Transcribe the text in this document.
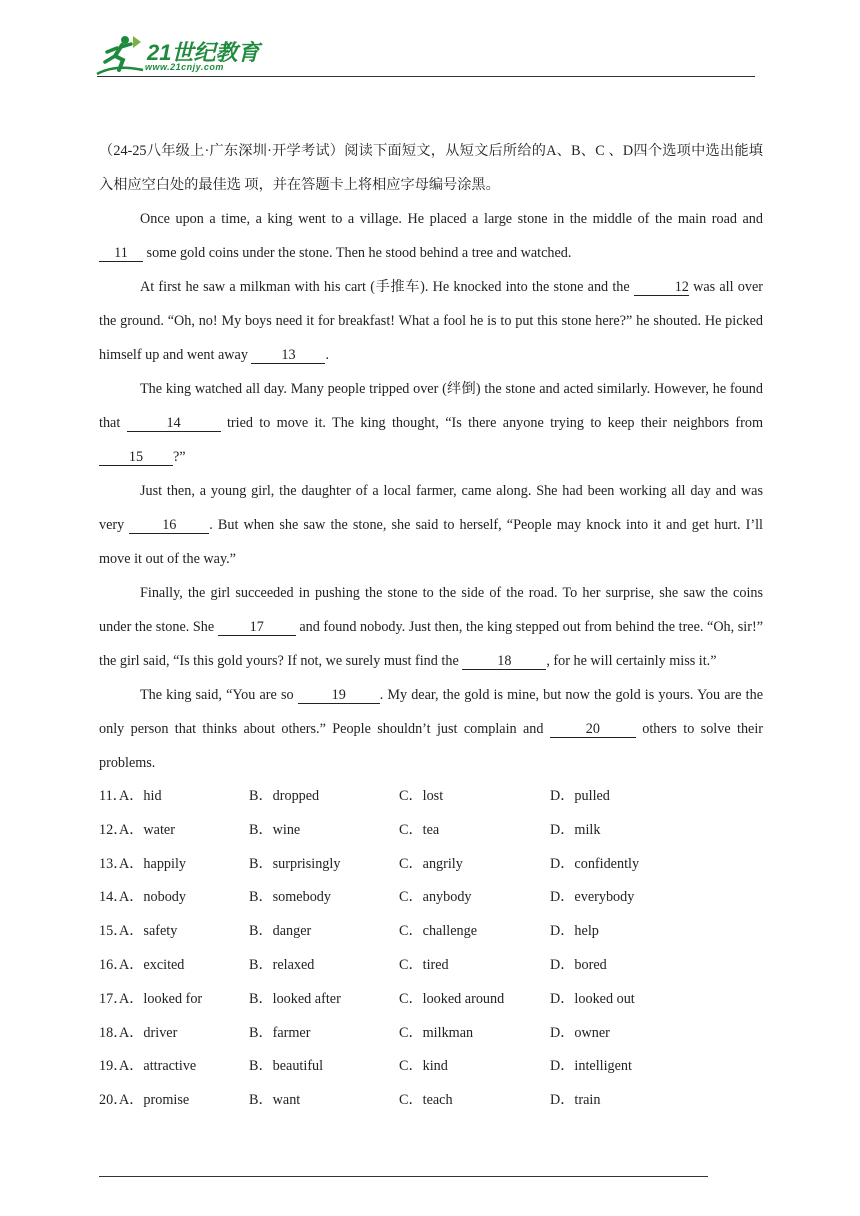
21世纪教育
www.21cnjy.com

（24-25八年级上·广东深圳·开学考试）阅读下面短文，从短文后所给的A、B、C 、D四个选项中选出能填入相应空白处的最佳选 项，并在答题卡上将相应字母编号涂黑。

Once upon a time, a king went to a village. He placed a large stone in the middle of the main road and 11 some gold coins under the stone. Then he stood behind a tree and watched.

At first he saw a milkman with his cart (手推车). He knocked into the stone and the	12 was all over the ground. “Oh, no! My boys need it for breakfast! What a fool he is to put this stone here?” he shouted. He picked himself up and went away 13 .

The king watched all day. Many people tripped over (绊倒) the stone and acted similarly. However, he found that	14	tried to move it. The king thought, “Is there anyone trying to keep their neighbors from 15 ?”

Just then, a young girl, the daughter of a local farmer, came along. She had been working all day and was very 16 . But when she saw the stone, she said to herself, “People may knock into it and get hurt. I’ll move it out of the way.”

Finally, the girl succeeded in pushing the stone to the side of the road. To her surprise, she saw the coins under the stone. She 17 and found nobody. Just then, the king stepped out from behind the tree. “Oh, sir!” the girl said, “Is this gold yours? If not, we surely must find the 18 , for he will certainly miss it.”

The king said, “You are so 19 . My dear, the gold is mine, but now the gold is yours. You are the only person that thinks about others.” People shouldn’t just complain and	20	others to solve their problems.

11．
A．hid	B．dropped	C．lost	D．pulled
12．
A．water	B．wine	C．tea	D．milk
13．
A．happily	B．surprisingly	C．angrily	D．confidently
14．
A．nobody	B．somebody	C．anybody	D．everybody
15．
A．safety	B．danger	C．challenge	D．help
16．
A．excited	B．relaxed	C．tired	D．bored
17．
A．looked for	B．looked after	C．looked around	D．looked out
18．
A．driver	B．farmer	C．milkman	D．owner
19．
A．attractive	B．beautiful	C．kind	D．intelligent
20．
A．promise	B．want	C．teach	D．train
